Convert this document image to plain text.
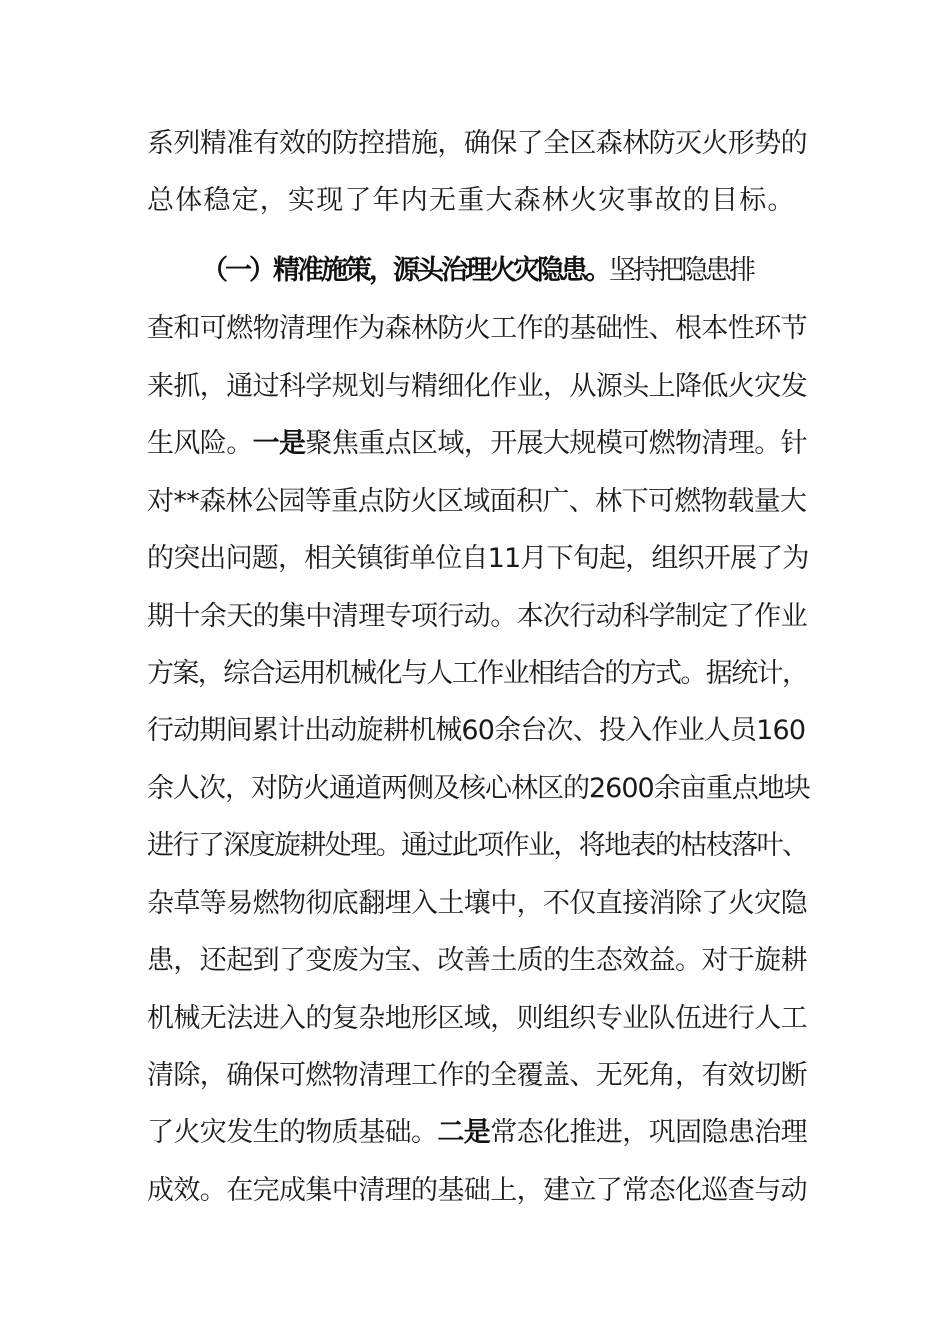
系列精准有效的防控措施，确保了全区森林防灭火形势的
总体稳定，实现了年内无重大森林火灾事故的目标。
（一）精准施策，源头治理火灾隐患。坚持把隐患排
查和可燃物清理作为森林防火工作的基础性、根本性环节
来抓，通过科学规划与精细化作业，从源头上降低火灾发
生风险。一是聚焦重点区域，开展大规模可燃物清理。针
对**森林公园等重点防火区域面积广、林下可燃物载量大
的突出问题，相关镇街单位自11月下旬起，组织开展了为
期十余天的集中清理专项行动。本次行动科学制定了作业
方案，综合运用机械化与人工作业相结合的方式。据统计，
行动期间累计出动旋耕机械60余台次、投入作业人员160
余人次，对防火通道两侧及核心林区的2600余亩重点地块
进行了深度旋耕处理。通过此项作业，将地表的枯枝落叶、
杂草等易燃物彻底翻埋入土壤中，不仅直接消除了火灾隐
患，还起到了变废为宝、改善土质的生态效益。对于旋耕
机械无法进入的复杂地形区域，则组织专业队伍进行人工
清除，确保可燃物清理工作的全覆盖、无死角，有效切断
了火灾发生的物质基础。二是常态化推进，巩固隐患治理
成效。在完成集中清理的基础上，建立了常态化巡查与动
